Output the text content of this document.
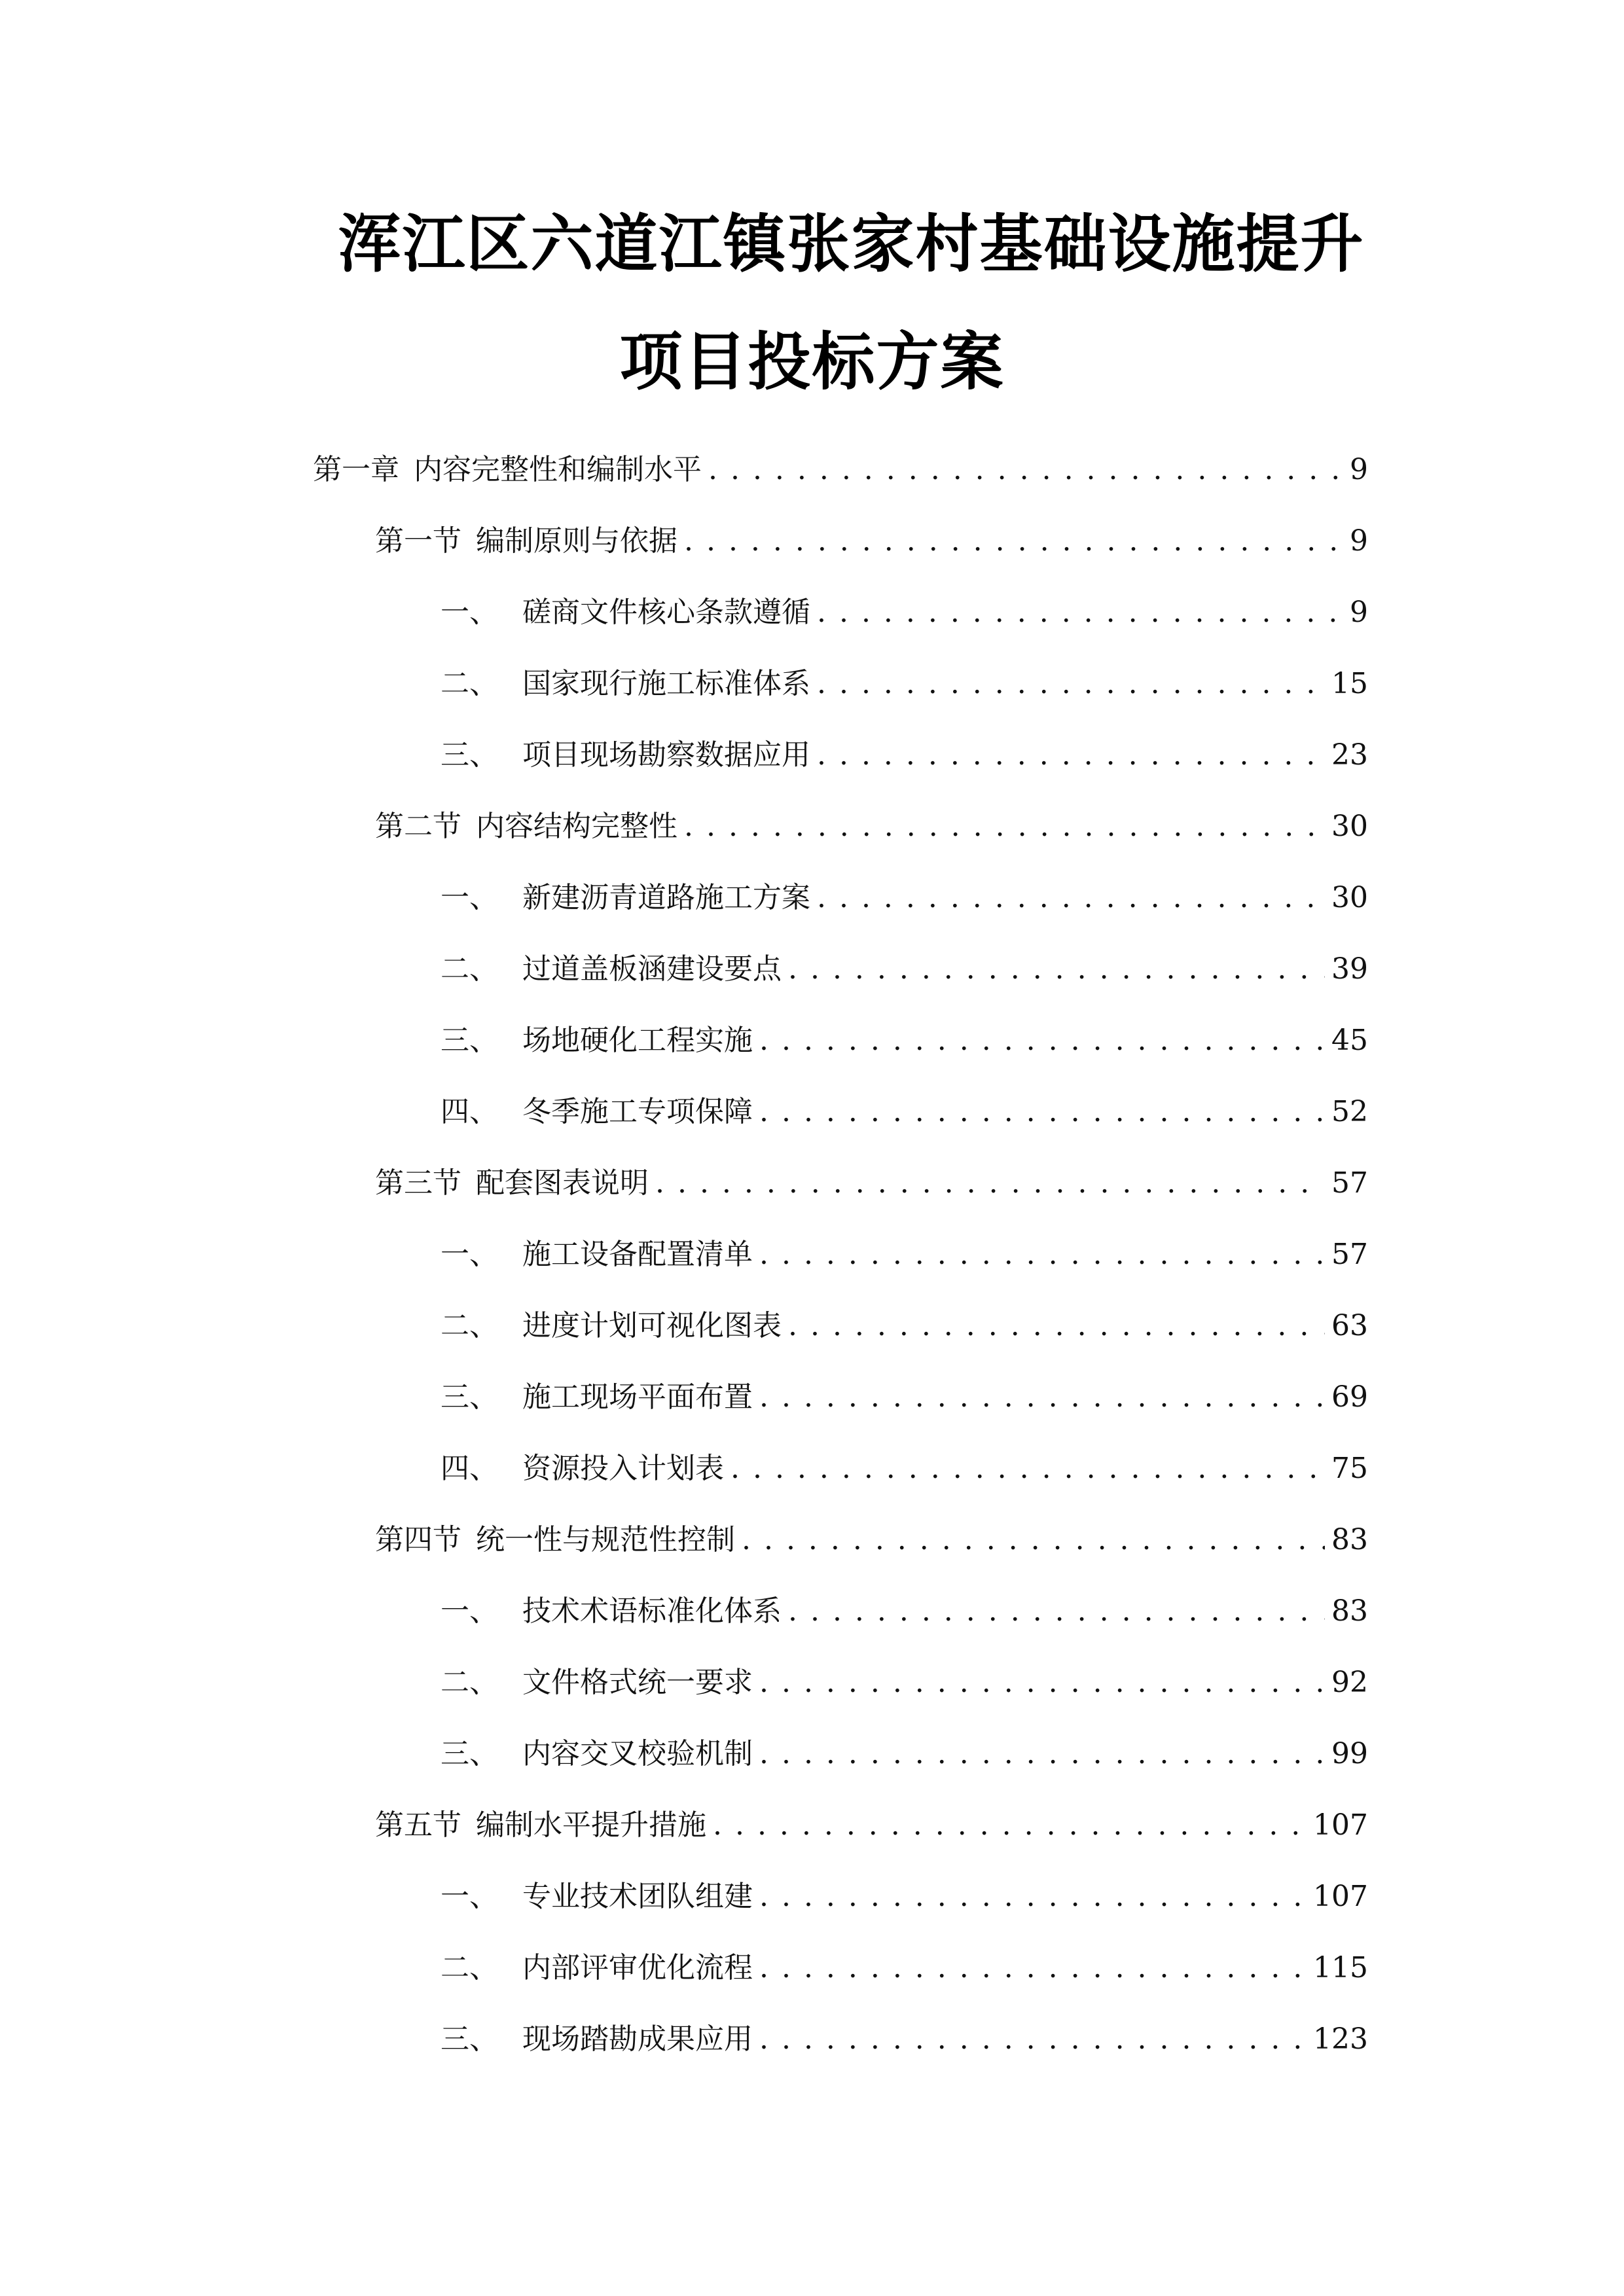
浑江区六道江镇张家村基础设施提升
项目投标方案
第一章 内容完整性和编制水平 . . .	9
第一节 编制原则与依据 . . .	9
一、 磋商文件核心条款遵循 . . .	9
二、 国家现行施工标准体系 . . .	15
三、 项目现场勘察数据应用 . . .	23
第二节 内容结构完整性 . . .	30
一、 新建沥青道路施工方案 . . .	30
二、 过道盖板涵建设要点 . . .	39
三、 场地硬化工程实施 . . .	45
四、 冬季施工专项保障 . . .	52
第三节 配套图表说明 . . .	57
一、 施工设备配置清单 . . .	57
二、 进度计划可视化图表 . . .	63
三、 施工现场平面布置 . . .	69
四、 资源投入计划表 . . .	75
第四节 统一性与规范性控制 . . .	83
一、 技术术语标准化体系 . . .	83
二、 文件格式统一要求 . . .	92
三、 内容交叉校验机制 . . .	99
第五节 编制水平提升措施 . . .	107
一、 专业技术团队组建 . . .	107
二、 内部评审优化流程 . . .	115
三、 现场踏勘成果应用 . . .	123
